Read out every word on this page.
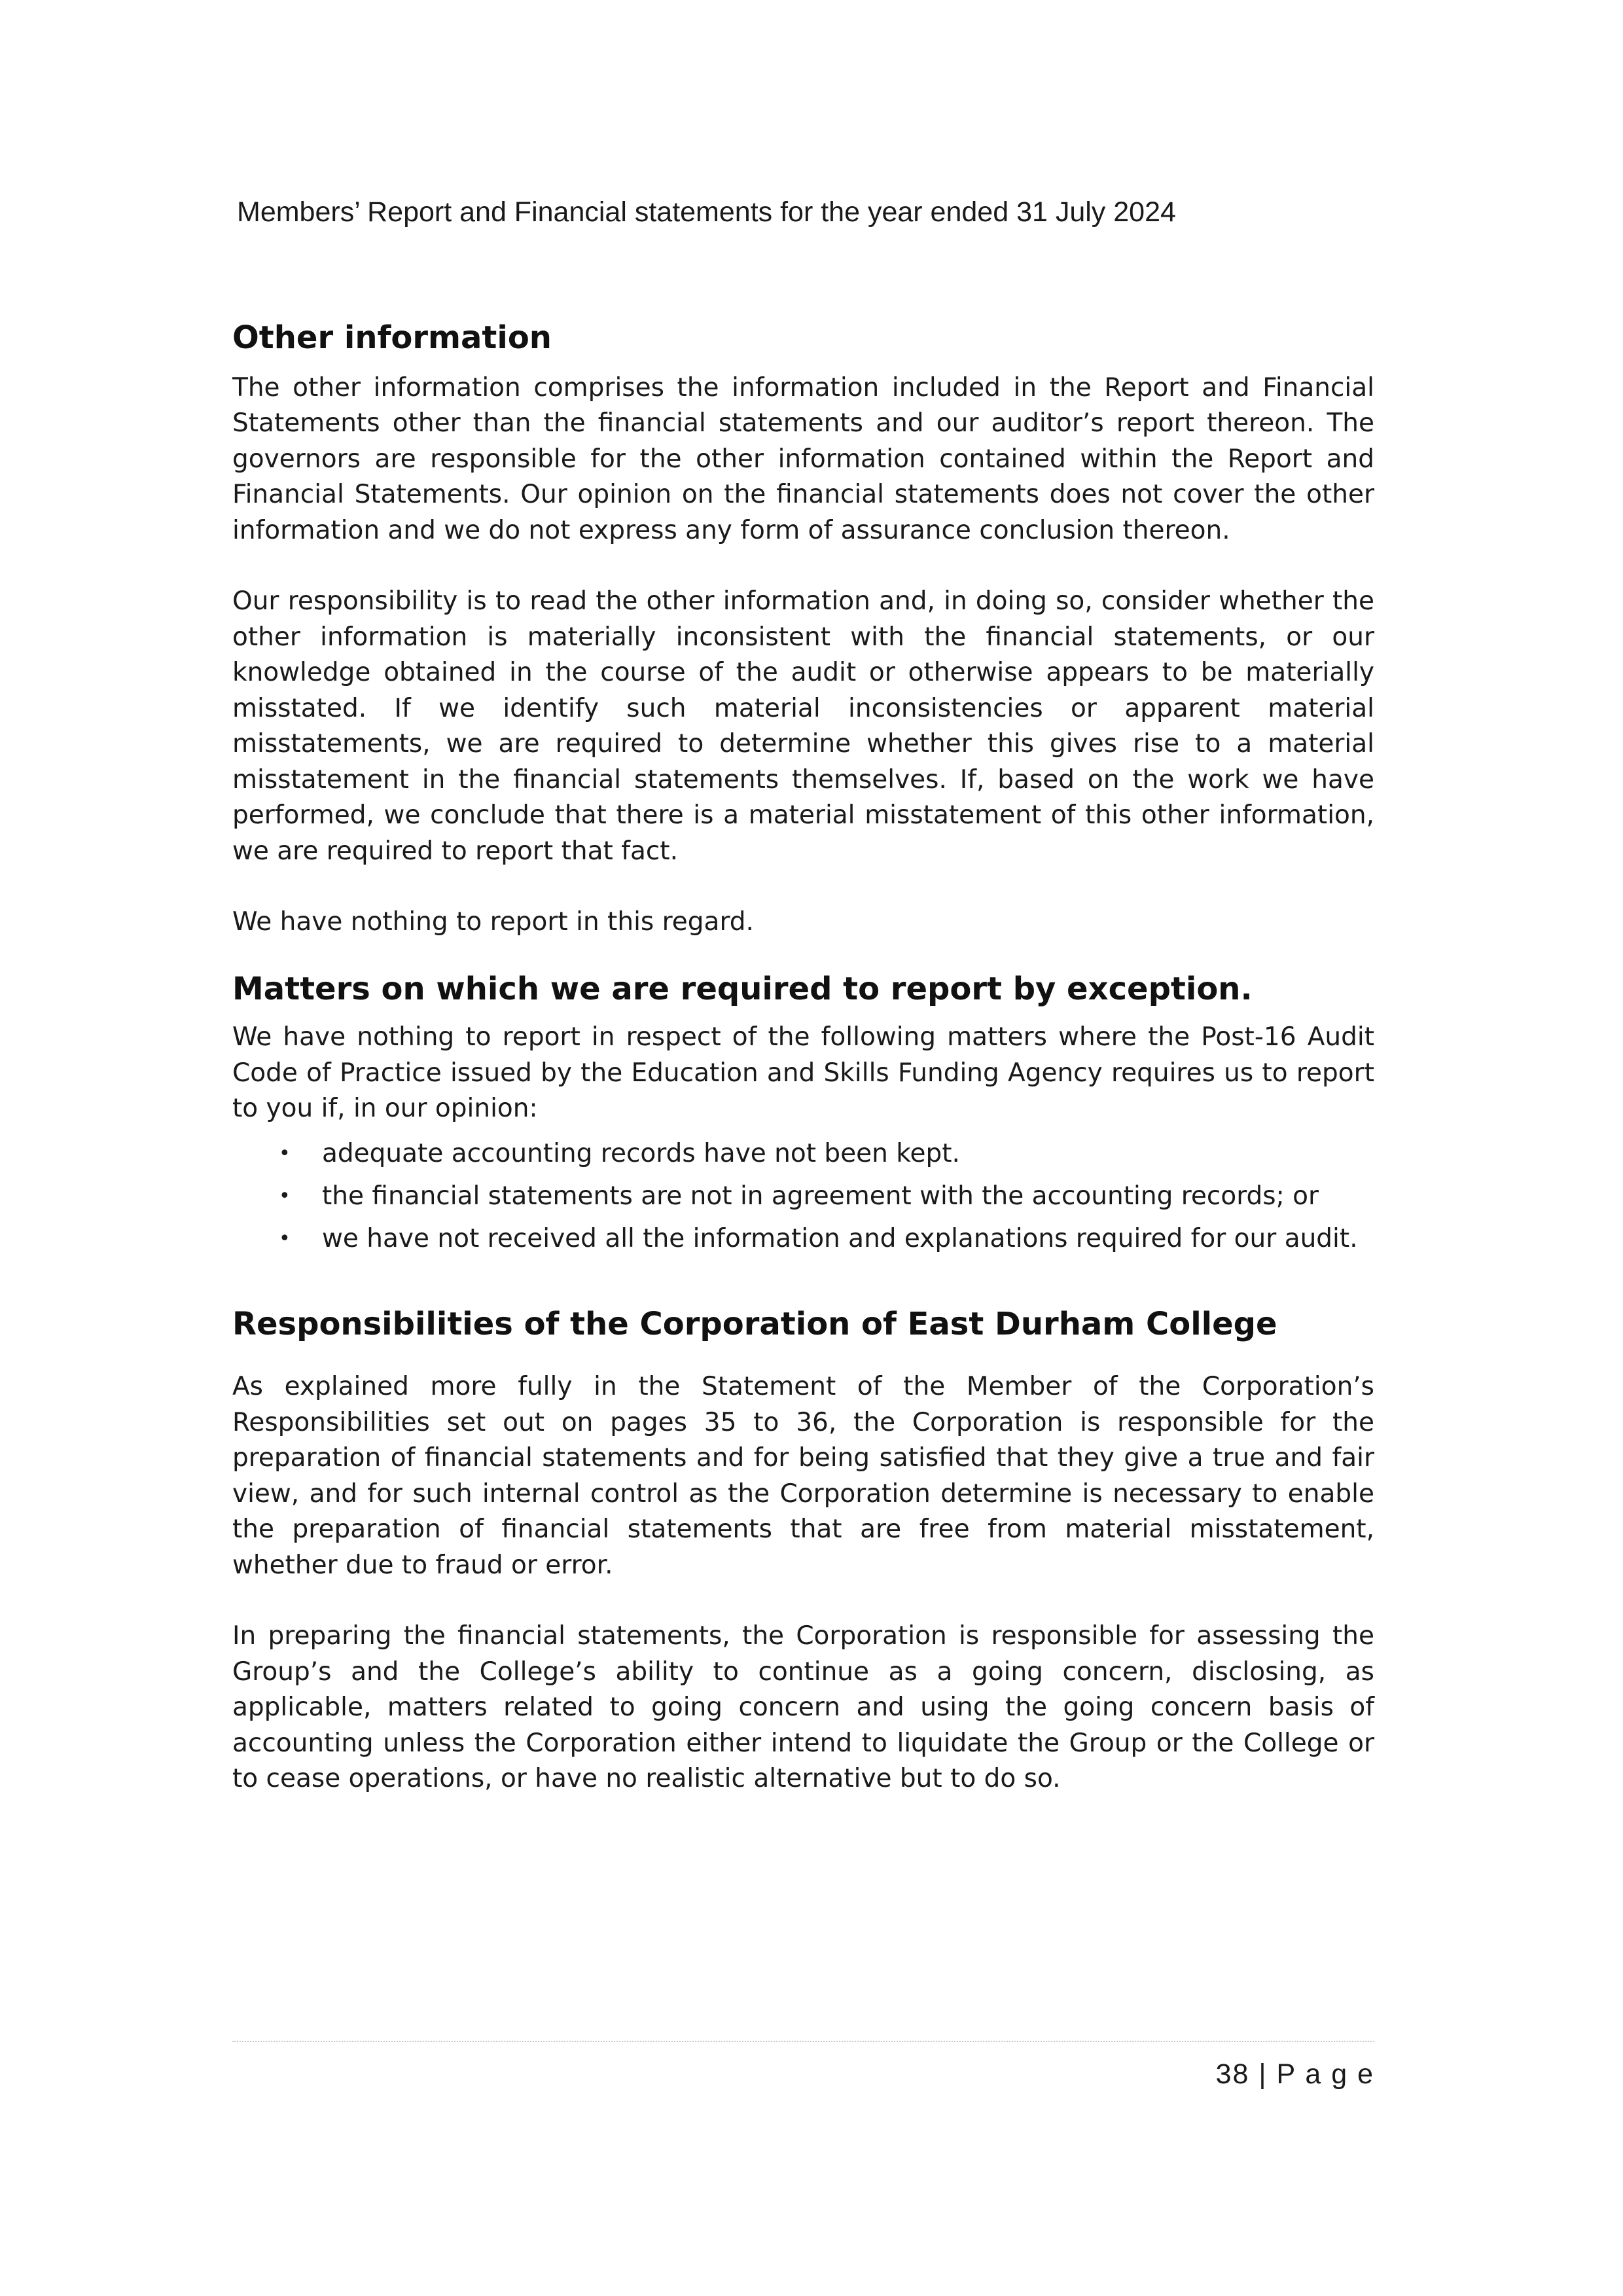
Members’ Report and Financial statements for the year ended 31 July 2024
Other information

The other information comprises the information included in the Report and Financial Statements other than the financial statements and our auditor’s report thereon. The governors are responsible for the other information contained within the Report and Financial Statements. Our opinion on the financial statements does not cover the other information and we do not express any form of assurance conclusion thereon.

Our responsibility is to read the other information and, in doing so, consider whether the other information is materially inconsistent with the financial statements, or our knowledge obtained in the course of the audit or otherwise appears to be materially misstated. If we identify such material inconsistencies or apparent material misstatements, we are required to determine whether this gives rise to a material misstatement in the financial statements themselves. If, based on the work we have performed, we conclude that there is a material misstatement of this other information, we are required to report that fact.

We have nothing to report in this regard.

Matters on which we are required to report by exception.

We have nothing to report in respect of the following matters where the Post-16 Audit Code of Practice issued by the Education and Skills Funding Agency requires us to report to you if, in our opinion:

• adequate accounting records have not been kept.
• the financial statements are not in agreement with the accounting records; or
• we have not received all the information and explanations required for our audit.
Responsibilities of the Corporation of East Durham College

As explained more fully in the Statement of the Member of the Corporation’s Responsibilities set out on pages 35 to 36, the Corporation is responsible for the preparation of financial statements and for being satisfied that they give a true and fair view, and for such internal control as the Corporation determine is necessary to enable the preparation of financial statements that are free from material misstatement, whether due to fraud or error.

In preparing the financial statements, the Corporation is responsible for assessing the Group’s and the College’s ability to continue as a going concern, disclosing, as applicable, matters related to going concern and using the going concern basis of accounting unless the Corporation either intend to liquidate the Group or the College or to cease operations, or have no realistic alternative but to do so.

38 | P a g e
